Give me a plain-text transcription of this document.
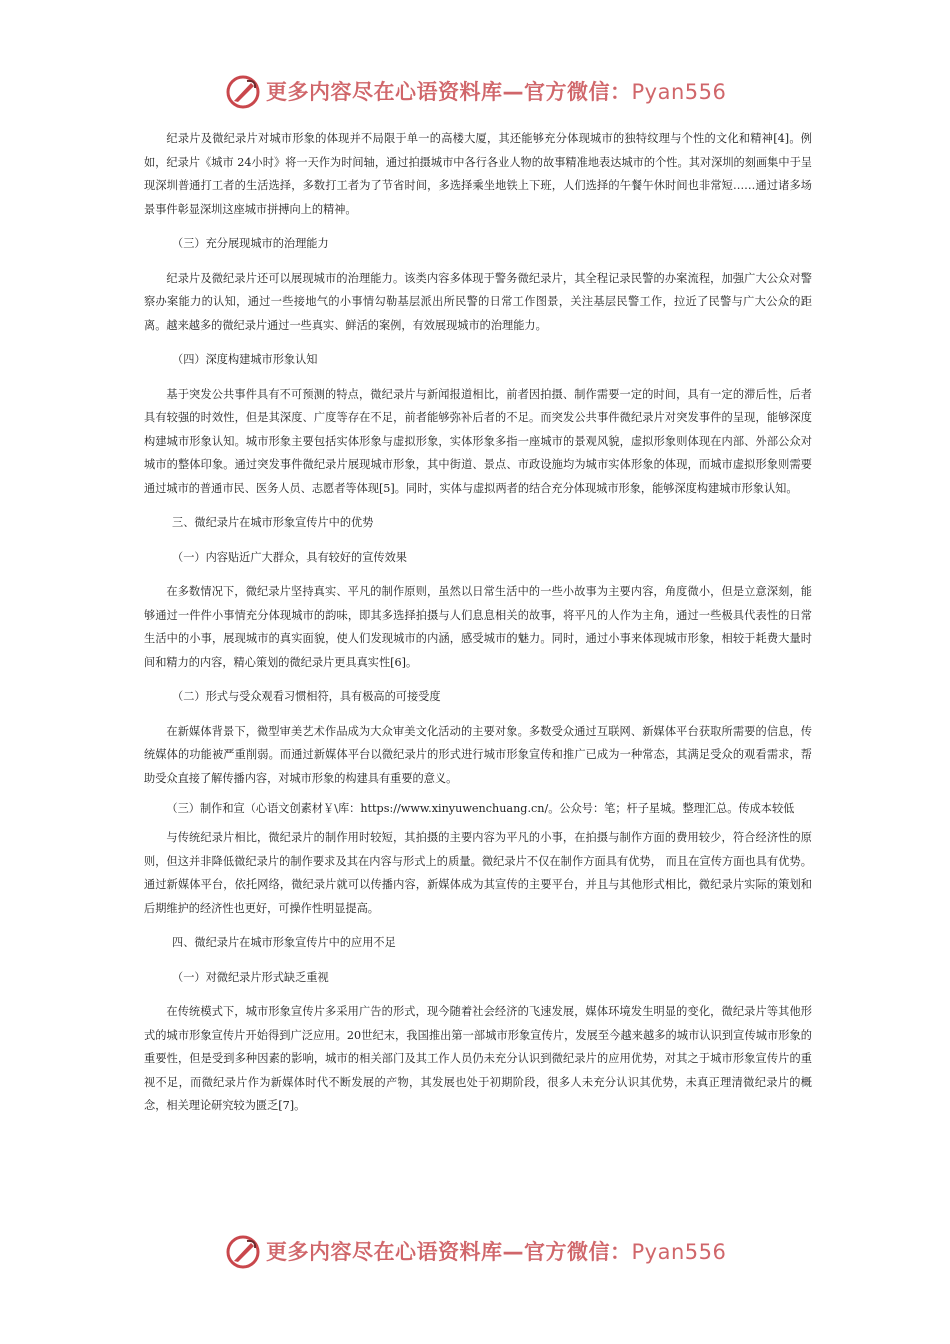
更多内容尽在心语资料库—官方微信：Pyan556

纪录片及微纪录片对城市形象的体现并不局限于单一的高楼大厦，其还能够充分体现城市的独特纹理与个性的文化和精神[4]。例如，纪录片《城市 24小时》将一天作为时间轴，通过拍摄城市中各行各业人物的故事精准地表达城市的个性。其对深圳的刻画集中于呈现深圳普通打工者的生活选择，多数打工者为了节省时间，多选择乘坐地铁上下班，人们选择的午餐午休时间也非常短……通过诸多场景事件彰显深圳这座城市拼搏向上的精神。

（三）充分展现城市的治理能力

纪录片及微纪录片还可以展现城市的治理能力。该类内容多体现于警务微纪录片，其全程记录民警的办案流程，加强广大公众对警察办案能力的认知，通过一些接地气的小事情勾勒基层派出所民警的日常工作图景，关注基层民警工作，拉近了民警与广大公众的距离。越来越多的微纪录片通过一些真实、鲜活的案例，有效展现城市的治理能力。

（四）深度构建城市形象认知

基于突发公共事件具有不可预测的特点，微纪录片与新闻报道相比，前者因拍摄、制作需要一定的时间，具有一定的滞后性，后者具有较强的时效性，但是其深度、广度等存在不足，前者能够弥补后者的不足。而突发公共事件微纪录片对突发事件的呈现，能够深度构建城市形象认知。城市形象主要包括实体形象与虚拟形象，实体形象多指一座城市的景观风貌，虚拟形象则体现在内部、外部公众对城市的整体印象。通过突发事件微纪录片展现城市形象，其中街道、景点、市政设施均为城市实体形象的体现，而城市虚拟形象则需要通过城市的普通市民、医务人员、志愿者等体现[5]。同时，实体与虚拟两者的结合充分体现城市形象，能够深度构建城市形象认知。

三、微纪录片在城市形象宣传片中的优势

（一）内容贴近广大群众，具有较好的宣传效果

在多数情况下，微纪录片坚持真实、平凡的制作原则，虽然以日常生活中的一些小故事为主要内容，角度微小，但是立意深刻，能够通过一件件小事情充分体现城市的韵味，即其多选择拍摄与人们息息相关的故事，将平凡的人作为主角，通过一些极具代表性的日常生活中的小事，展现城市的真实面貌，使人们发现城市的内涵，感受城市的魅力。同时，通过小事来体现城市形象，相较于耗费大量时间和精力的内容，精心策划的微纪录片更具真实性[6]。

（二）形式与受众观看习惯相符，具有极高的可接受度

在新媒体背景下，微型审美艺术作品成为大众审美文化活动的主要对象。多数受众通过互联网、新媒体平台获取所需要的信息，传统媒体的功能被严重削弱。而通过新媒体平台以微纪录片的形式进行城市形象宣传和推广已成为一种常态，其满足受众的观看需求，帮助受众直接了解传播内容，对城市形象的构建具有重要的意义。

（三）制作和宣（心语文创素材￥\库：https://www.xinyuwenchuang.cn/。公众号：笔；杆子星城。整理汇总。传成本较低

与传统纪录片相比，微纪录片的制作用时较短，其拍摄的主要内容为平凡的小事，在拍摄与制作方面的费用较少，符合经济性的原则，但这并非降低微纪录片的制作要求及其在内容与形式上的质量。微纪录片不仅在制作方面具有优势， 而且在宣传方面也具有优势。通过新媒体平台，依托网络，微纪录片就可以传播内容，新媒体成为其宣传的主要平台，并且与其他形式相比，微纪录片实际的策划和后期维护的经济性也更好，可操作性明显提高。

四、微纪录片在城市形象宣传片中的应用不足

（一）对微纪录片形式缺乏重视

在传统模式下，城市形象宣传片多采用广告的形式，现今随着社会经济的飞速发展，媒体环境发生明显的变化，微纪录片等其他形式的城市形象宣传片开始得到广泛应用。20世纪末，我国推出第一部城市形象宣传片，发展至今越来越多的城市认识到宣传城市形象的重要性，但是受到多种因素的影响，城市的相关部门及其工作人员仍未充分认识到微纪录片的应用优势，对其之于城市形象宣传片的重视不足，而微纪录片作为新媒体时代不断发展的产物，其发展也处于初期阶段，很多人未充分认识其优势，未真正理清微纪录片的概念，相关理论研究较为匮乏[7]。

更多内容尽在心语资料库—官方微信：Pyan556
